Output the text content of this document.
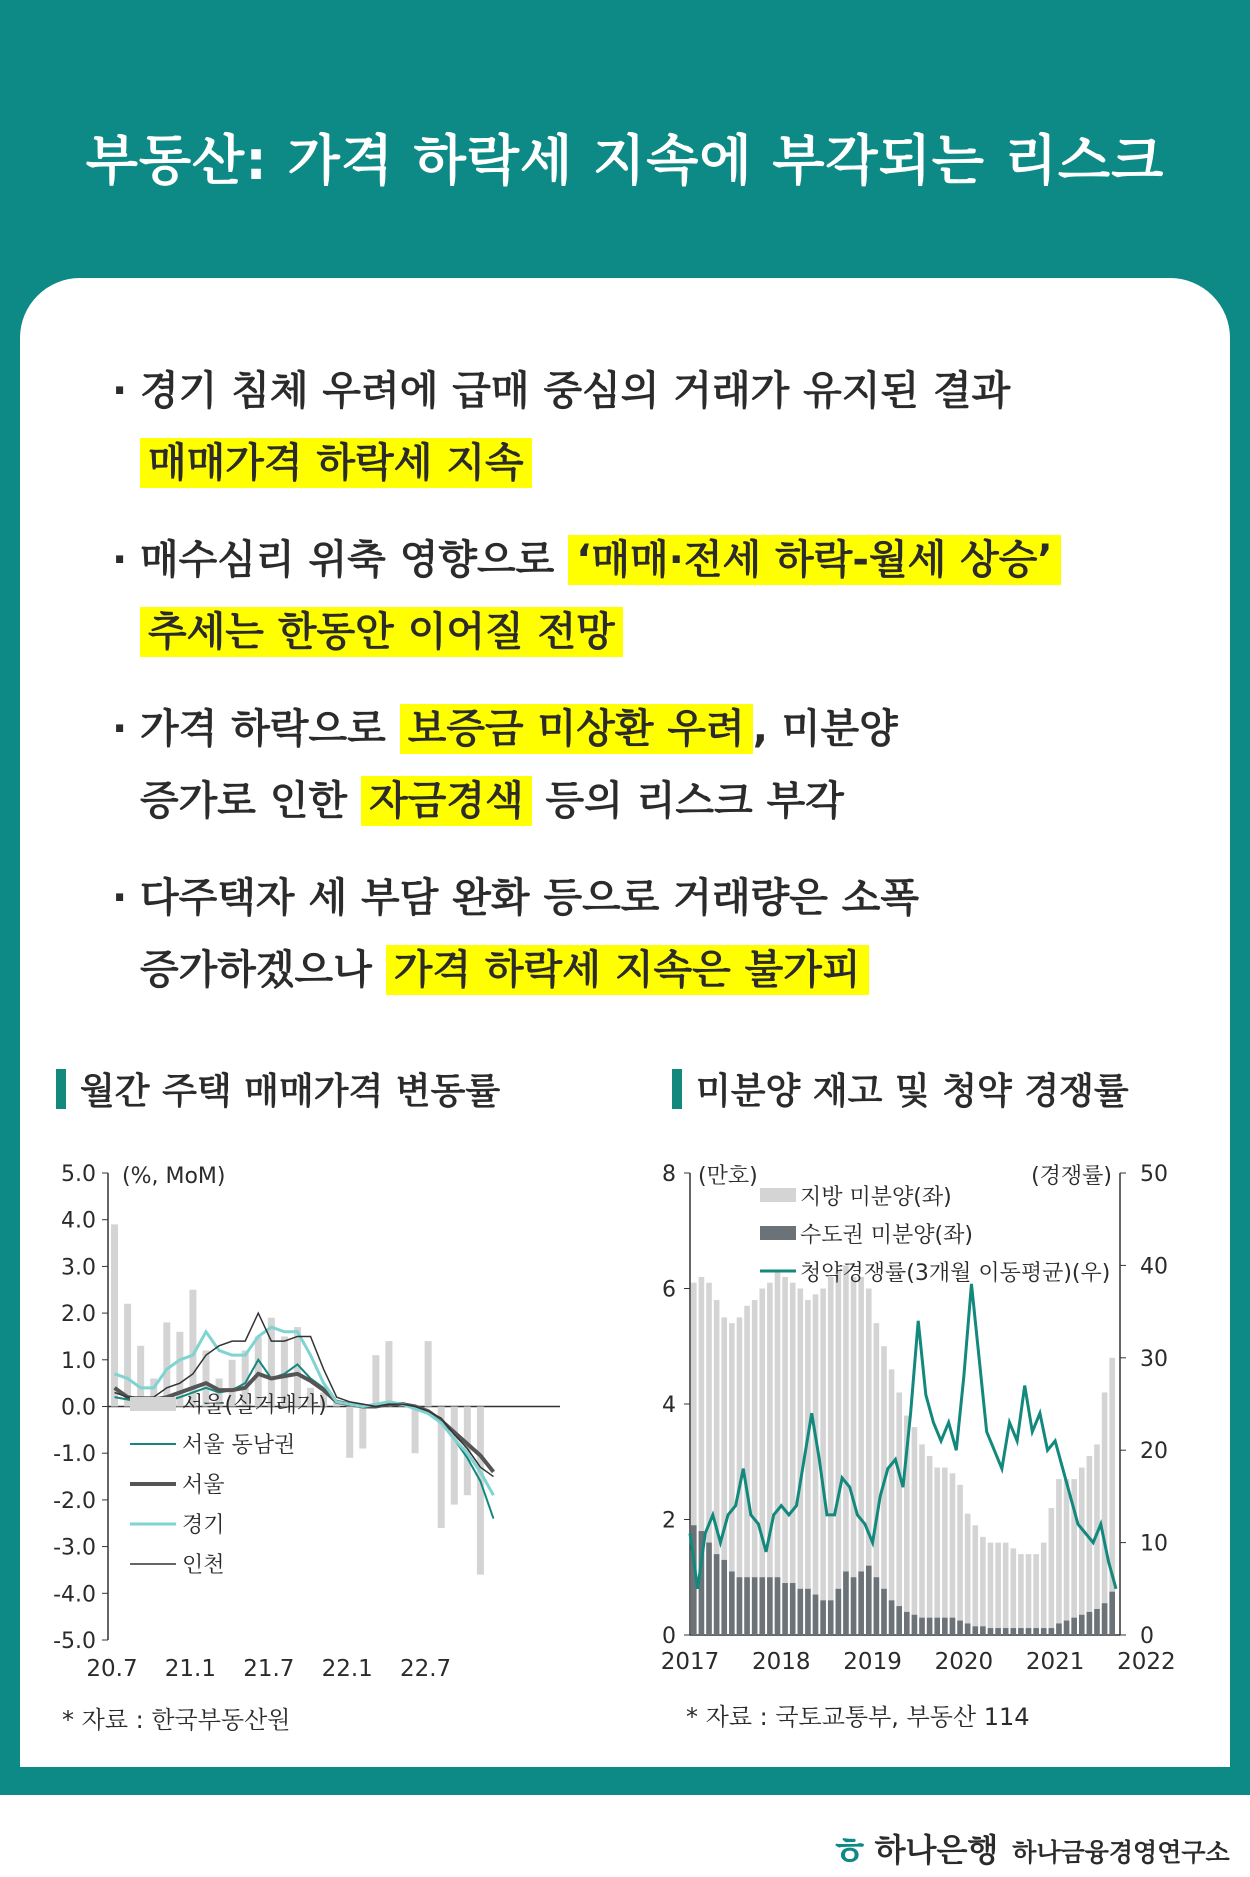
부동산: 가격 하락세 지속에 부각되는 리스크
· 경기 침체 우려에 급매 중심의 거래가 유지된 결과
매매가격 하락세 지속
· 매수심리 위축 영향으로 ‘매매·전세 하락-월세 상승’
추세는 한동안 이어질 전망
· 가격 하락으로 보증금 미상환 우려 , 미분양
증가로 인한 자금경색 등의 리스크 부각
· 다주택자 세 부담 완화 등으로 거래량은 소폭
증가하겠으나 가격 하락세 지속은 불가피
월간 주택 매매가격 변동률	미분양 재고 및 청약 경쟁률
5.0
4.0
3.0
2.0
1.0
0.0
-1.0
-2.0
-3.0
-4.0
-5.0
(%, MoM)
20.7 21.1 21.7 22.1 22.7
서울(실거래가)
서울 동남권
서울
경기
인천
0
2
4
6
8
0
10
20
30
40
50
(만호)	(경쟁률)
2017 2018 2019 2020 2021 2022
지방 미분양(좌)
수도권 미분양(좌)
청약경쟁률(3개월 이동평균)(우)
* 자료 : 한국부동산원	* 자료 : 국토교통부, 부동산 114
ㅎ 하나은행 하나금융경영연구소
